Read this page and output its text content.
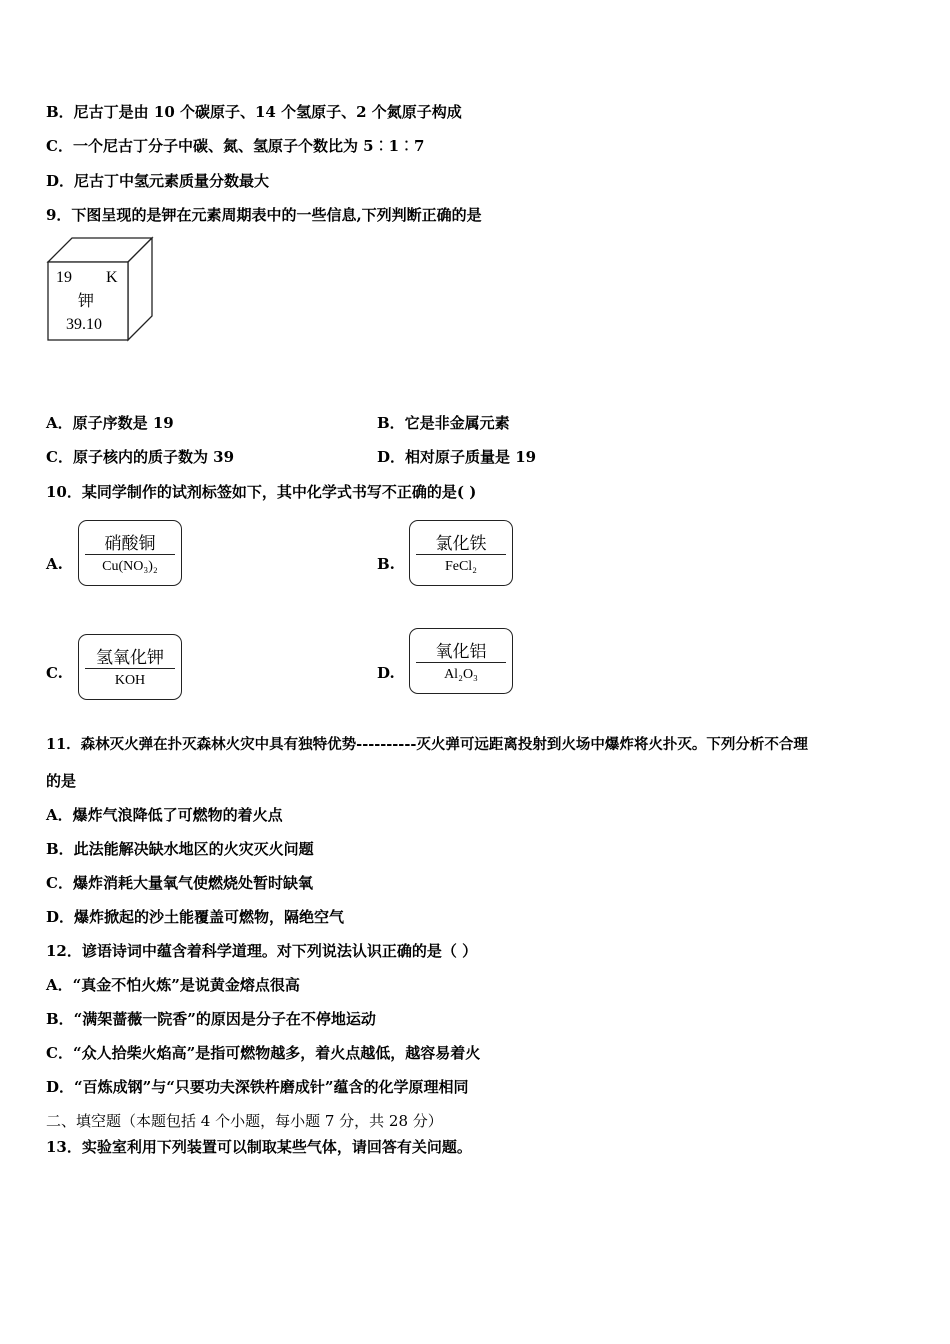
B．尼古丁是由 10 个碳原子、14 个氢原子、2 个氮原子构成
C．一个尼古丁分子中碳、氮、氢原子个数比为 5︰1︰7
D．尼古丁中氢元素质量分数最大
9．下图呈现的是钾在元素周期表中的一些信息,下列判断正确的是
19 K
钾
39.10
A．原子序数是 19	B．它是非金属元素
C．原子核内的质子数为 39	D．相对原子质量是 19
10．某同学制作的试剂标签如下，其中化学式书写不正确的是( )
A.
硝酸铜
Cu(NO₃)₂	B.
氯化铁
FeCl₂
C.
氢氧化钾
KOH	D.
氧化铝
Al₂O₃
11．森林灭火弹在扑灭森林火灾中具有独特优势----------灭火弹可远距离投射到火场中爆炸将火扑灭。下列分析不合理
的是
A．爆炸气浪降低了可燃物的着火点
B．此法能解决缺水地区的火灾灭火问题
C．爆炸消耗大量氧气使燃烧处暂时缺氧
D．爆炸掀起的沙土能覆盖可燃物，隔绝空气
12．谚语诗词中蕴含着科学道理。对下列说法认识正确的是（ ）
A．“真金不怕火炼”是说黄金熔点很高
B．“满架蔷薇一院香”的原因是分子在不停地运动
C．“众人拾柴火焰高”是指可燃物越多，着火点越低，越容易着火
D．“百炼成钢”与“只要功夫深铁杵磨成针”蕴含的化学原理相同
二、填空题（本题包括 4 个小题，每小题 7 分，共 28 分）
13．实验室利用下列装置可以制取某些气体，请回答有关问题。
